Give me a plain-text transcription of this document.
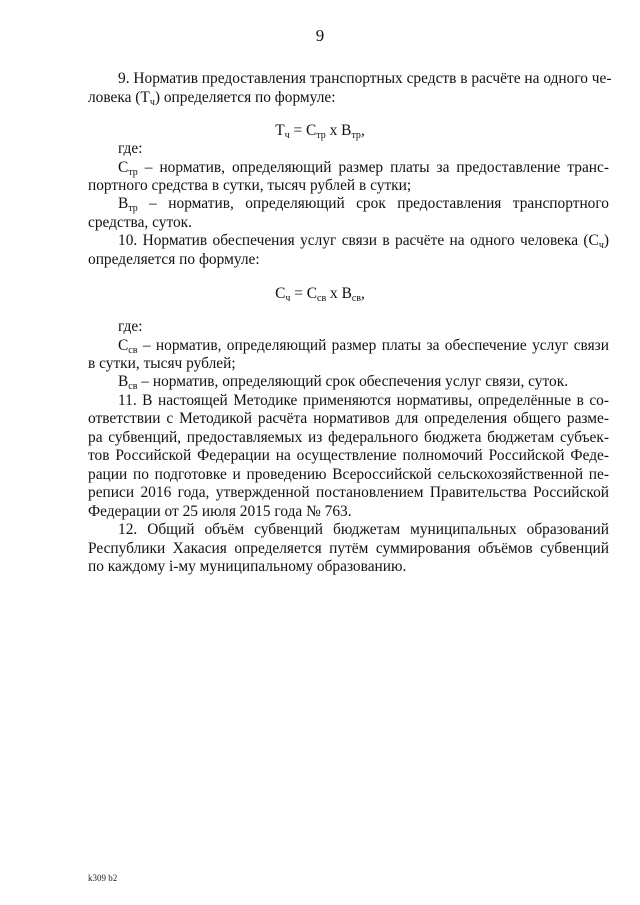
9
9. Норматив предоставления транспортных средств в расчёте на одного че-
ловека $(Т_ч)$ определяется по формуле:
$Т_ч = С_{тр}$ х $В_{тр}$,
где:
$С_{тр}$ – норматив, определяющий размер платы за предоставление транс-
портного средства в сутки, тысяч рублей в сутки;
$В_{тр}$ – норматив, определяющий срок предоставления транспортного
средства, суток.
10. Норматив обеспечения услуг связи в расчёте на одного человека $(С_ч)$
определяется по формуле:
$С_ч = С_{св}$ х $В_{св}$,
где:
$С_{св}$ – норматив, определяющий размер платы за обеспечение услуг связи
в сутки, тысяч рублей;
$В_{св}$ – норматив, определяющий срок обеспечения услуг связи, суток.
11. В настоящей Методике применяются нормативы, определённые в со-
ответствии с Методикой расчёта нормативов для определения общего разме-
ра субвенций, предоставляемых из федерального бюджета бюджетам субъек-
тов Российской Федерации на осуществление полномочий Российской Феде-
рации по подготовке и проведению Всероссийской сельскохозяйственной пе-
реписи 2016 года, утвержденной постановлением Правительства Российской
Федерации от 25 июля 2015 года № 763.
12. Общий объём субвенций бюджетам муниципальных образований
Республики Хакасия определяется путём суммирования объёмов субвенций
по каждому i-му муниципальному образованию.
k309 b2
